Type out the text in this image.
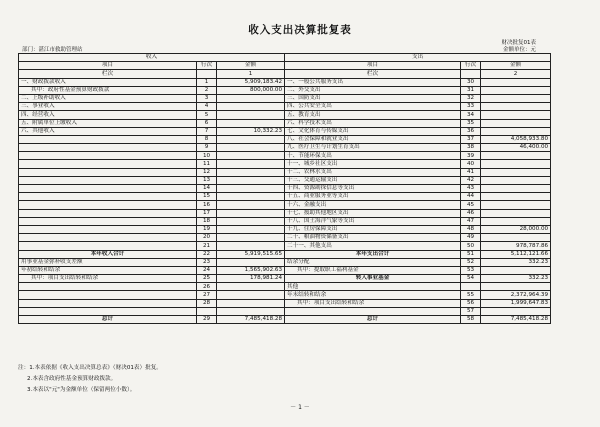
收入支出决算批复表
财决批复01表
金额单位：元
部门：湛江市救助管理站
收入			支出		
项目	行次	金额	项目	行次	金额
栏次		1	栏次		2
一、财政拨款收入	1	5,909,183.42	一、一般公共服务支出	30	
其中：政府性基金预算财政拨款	2	800,000.00	二、外交支出	31	
二、上级补助收入	3		三、国防支出	32	
三、事业收入	4		四、公共安全支出	33	
四、经营收入	5		五、教育支出	34	
五、附属单位上缴收入	6		六、科学技术支出	35	
六、其他收入	7	10,332.23	七、文化体育与传媒支出	36	
	8		八、社会保障和就业支出	37	4,058,933.80
	9		九、医疗卫生与计划生育支出	38	46,400.00
	10		十、节能环保支出	39	
	11		十一、城乡社区支出	40	
	12		十二、农林水支出	41	
	13		十三、交通运输支出	42	
	14		十四、资源勘探信息等支出	43	
	15		十五、商业服务业等支出	44	
	16		十六、金融支出	45	
	17		十七、援助其他地区支出	46	
	18		十八、国土海洋气象等支出	47	
	19		十九、住房保障支出	48	28,000.00
	20		二十、粮油物资储备支出	49	
	21		二十一、其他支出	50	978,787.86
本年收入合计	22	5,919,515.65	本年支出合计	51	5,112,121.66
用事业基金弥补收支差额	23		结余分配	52	332.23
年初结转和结余	24	1,565,902.63	其中：提取职工福利基金	53	
其中：项目支出结转和结余	25	178,981.24	转入事业基金	54	332.23
	26		其他		
	27		年末结转和结余	55	2,372,964.39
	28		其中：项目支出结转和结余	56	1,999,647.83
				57	
总计	29	7,485,418.28	总计	58	7,485,418.28
注：1.本表依据《收入支出决算总表》（财决01表）批复。
2.本表含政府性基金预算财政拨款。
3.本表以"元"为金额单位（保留两位小数）。
－ 1 －
